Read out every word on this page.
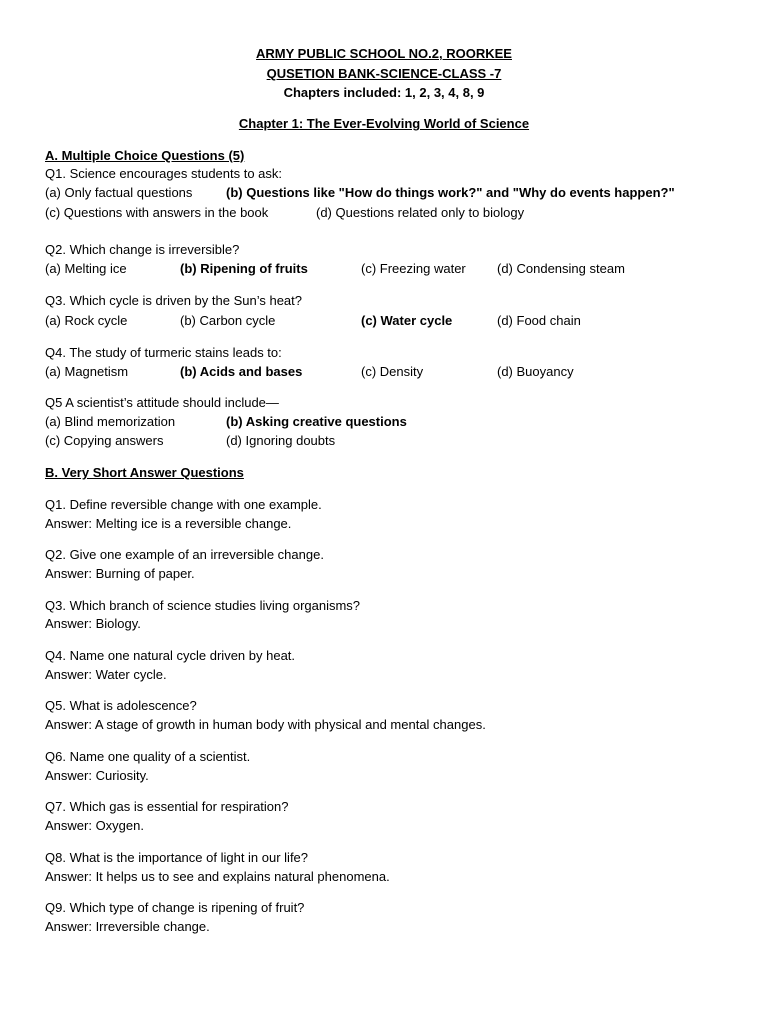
ARMY PUBLIC SCHOOL NO.2, ROORKEE
QUSETION BANK-SCIENCE-CLASS -7
Chapters included: 1, 2, 3, 4, 8, 9
Chapter 1: The Ever-Evolving World of Science
A. Multiple Choice Questions (5)
Q1. Science encourages students to ask:
(a) Only factual questions	(b) Questions like "How do things work?" and "Why do events happen?"
(c) Questions with answers in the book	(d) Questions related only to biology
Q2. Which change is irreversible?
(a) Melting ice	(b) Ripening of fruits	(c) Freezing water (d) Condensing steam
Q3. Which cycle is driven by the Sun’s heat?
(a) Rock cycle	(b) Carbon cycle	(c) Water cycle	(d) Food chain
Q4. The study of turmeric stains leads to:
(a) Magnetism	(b) Acids and bases	(c) Density	(d) Buoyancy
Q5 A scientist’s attitude should include—
(a) Blind memorization	(b) Asking creative questions
(c) Copying answers	(d) Ignoring doubts
B. Very Short Answer Questions
Q1. Define reversible change with one example.
Answer: Melting ice is a reversible change.
Q2. Give one example of an irreversible change.
Answer: Burning of paper.
Q3. Which branch of science studies living organisms?
Answer: Biology.
Q4. Name one natural cycle driven by heat.
Answer: Water cycle.
Q5. What is adolescence?
Answer: A stage of growth in human body with physical and mental changes.
Q6. Name one quality of a scientist.
Answer: Curiosity.
Q7. Which gas is essential for respiration?
Answer: Oxygen.
Q8. What is the importance of light in our life?
Answer: It helps us to see and explains natural phenomena.
Q9. Which type of change is ripening of fruit?
Answer: Irreversible change.
